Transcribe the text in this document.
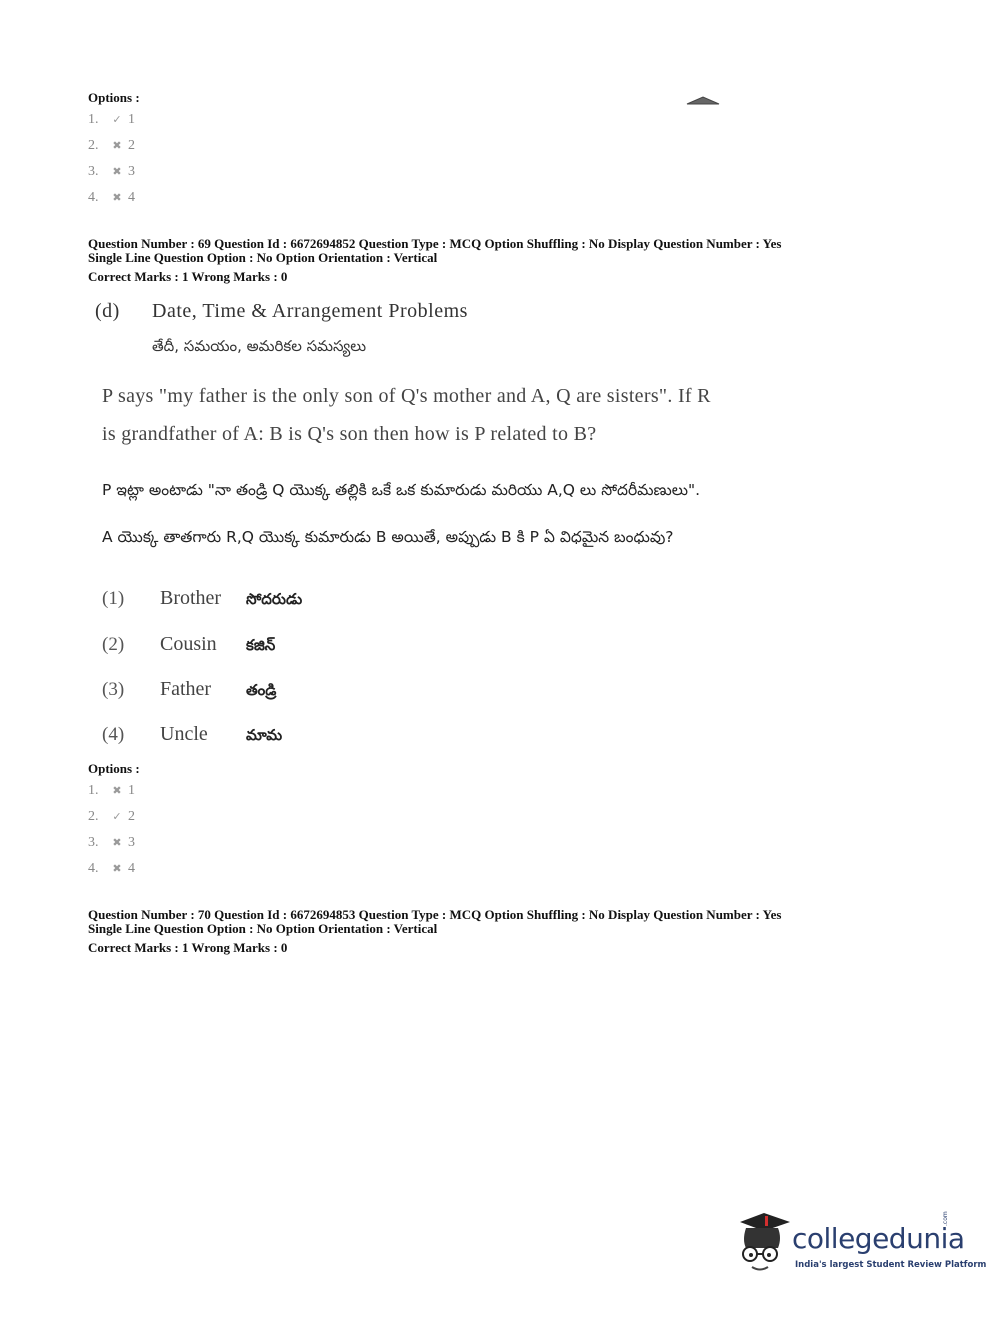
Options :
1. ✓ 1
2. ✖ 2
3. ✖ 3
4. ✖ 4
Question Number : 69 Question Id : 6672694852 Question Type : MCQ Option Shuffling : No Display Question Number : Yes
Single Line Question Option : No Option Orientation : Vertical
Correct Marks : 1 Wrong Marks : 0
(d) Date, Time & Arrangement Problems
తేదీ, సమయం, అమరికల సమస్యలు
P says "my father is the only son of Q's mother and A, Q are sisters". If R
is grandfather of A: B is Q's son then how is P related to B?
P ఇట్లా అంటాడు "నా తండ్రి Q యొక్క తల్లికి ఒకే ఒక కుమారుడు మరియు A,Q లు సోదరీమణులు".
A యొక్క తాతగారు R,Q యొక్క కుమారుడు B అయితే, అప్పుడు B కి P ఏ విధమైన బంధువు?
(1) Brother సోదరుడు
(2) Cousin కజిన్
(3) Father తండ్రి
(4) Uncle	మామ
Options :
1. ✖ 1
2. ✓ 2
3. ✖ 3
4. ✖ 4
Question Number : 70 Question Id : 6672694853 Question Type : MCQ Option Shuffling : No Display Question Number : Yes
Single Line Question Option : No Option Orientation : Vertical
Correct Marks : 1 Wrong Marks : 0
collegedunia
.com
India's largest Student Review Platform
